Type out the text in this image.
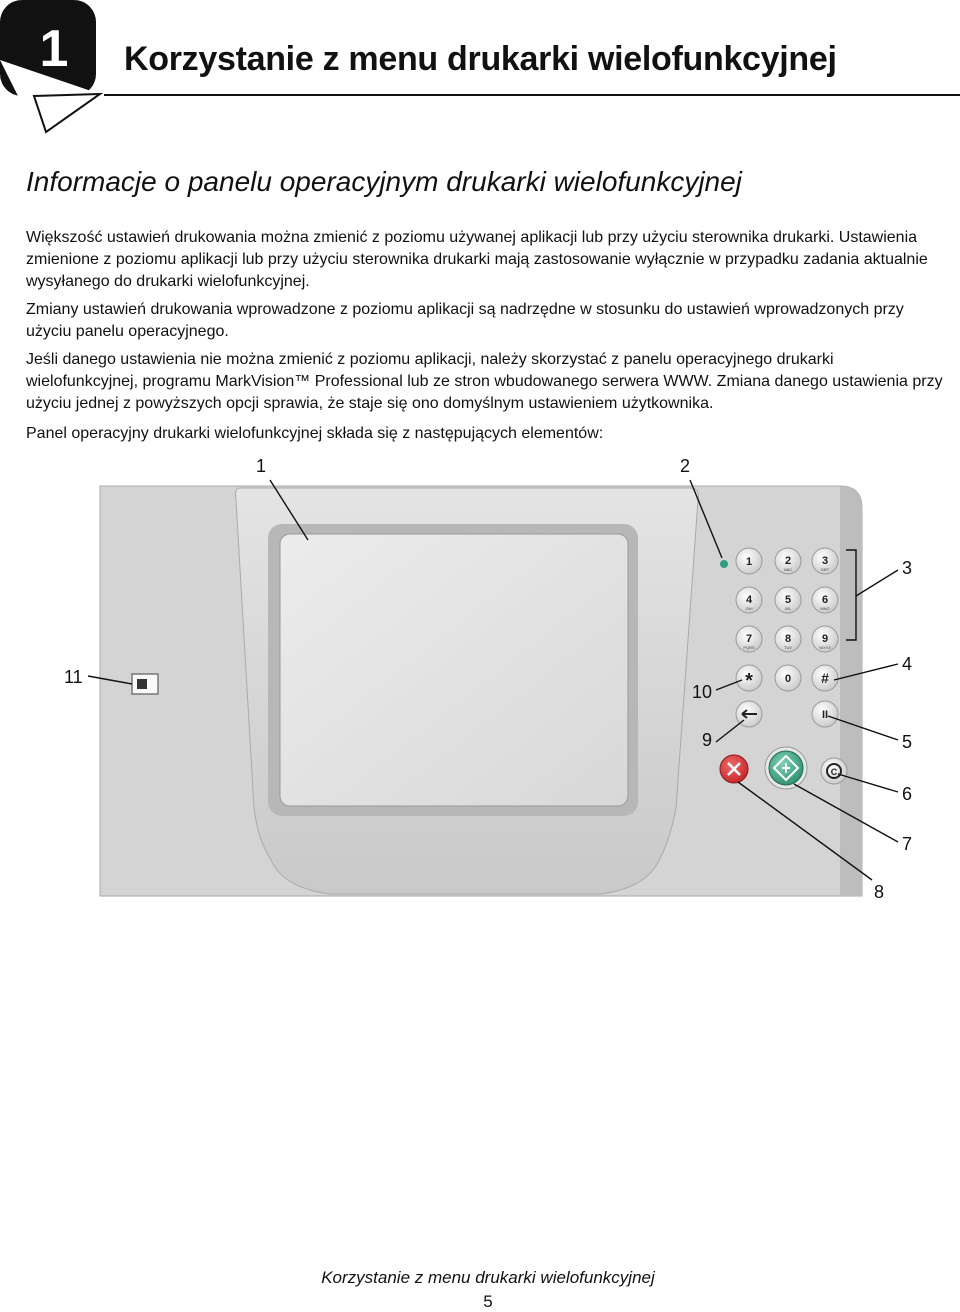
1 Korzystanie z menu drukarki wielofunkcyjnej
Informacje o panelu operacyjnym drukarki wielofunkcyjnej

Większość ustawień drukowania można zmienić z poziomu używanej aplikacji lub przy użyciu sterownika drukarki. Ustawienia zmienione z poziomu aplikacji lub przy użyciu sterownika drukarki mają zastosowanie wyłącznie w przypadku zadania aktualnie wysyłanego do drukarki wielofunkcyjnej.

Zmiany ustawień drukowania wprowadzone z poziomu aplikacji są nadrzędne w stosunku do ustawień wprowadzonych przy użyciu panelu operacyjnego.

Jeśli danego ustawienia nie można zmienić z poziomu aplikacji, należy skorzystać z panelu operacyjnego drukarki wielofunkcyjnej, programu MarkVision™ Professional lub ze stron wbudowanego serwera WWW. Zmiana danego ustawienia przy użyciu jednej z powyższych opcji sprawia, że staje się ono domyślnym ustawieniem użytkownika.

Panel operacyjny drukarki wielofunkcyjnej składa się z następujących elementów:

1	2
ABC
3
DEF
4
GHI
5
JKL
6
MNO
7
PQRS
8
TUV
9
WXYZ
*	0 #
II
C
1	2
3
4
5
6
7
8
9
10
11
Korzystanie z menu drukarki wielofunkcyjnej
5
